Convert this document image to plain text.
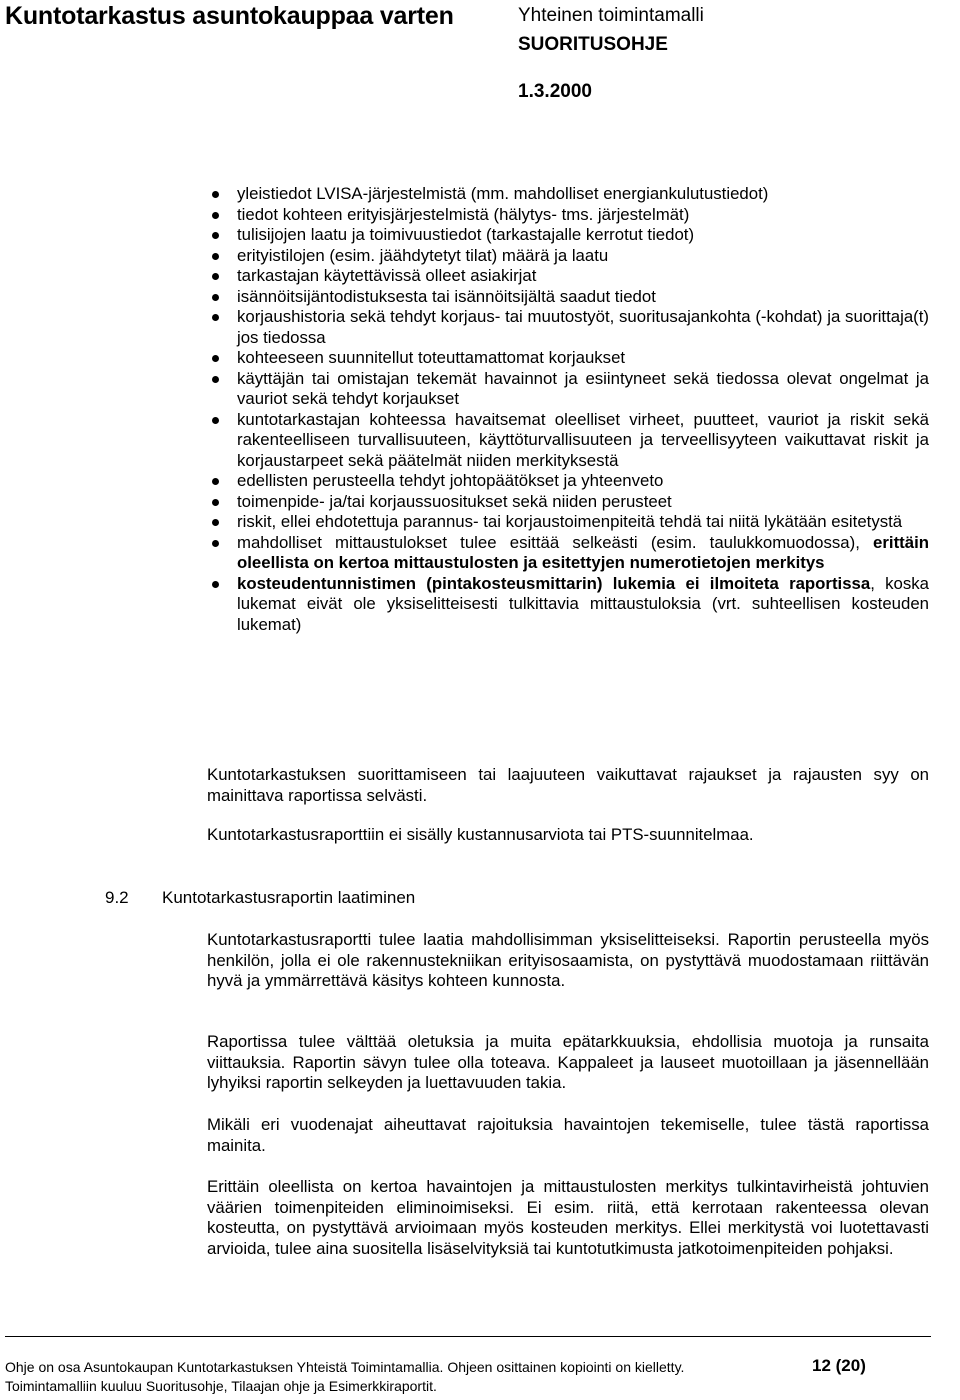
Kuntotarkastus asuntokauppaa varten	Yhteinen toimintamalli
SUORITUSOHJE
1.3.2000
yleistiedot LVISA-järjestelmistä (mm. mahdolliset energiankulutustiedot)
tiedot kohteen erityisjärjestelmistä (hälytys- tms. järjestelmät)
tulisijojen laatu ja toimivuustiedot (tarkastajalle kerrotut tiedot)
erityistilojen (esim. jäähdytetyt tilat) määrä ja laatu
tarkastajan käytettävissä olleet asiakirjat
isännöitsijäntodistuksesta tai isännöitsijältä saadut tiedot
korjaushistoria sekä tehdyt korjaus- tai muutostyöt, suoritusajankohta (-kohdat) ja suorittaja(t) jos tiedossa
kohteeseen suunnitellut toteuttamattomat korjaukset
käyttäjän tai omistajan tekemät havainnot ja esiintyneet sekä tiedossa olevat ongelmat ja vauriot sekä tehdyt korjaukset
kuntotarkastajan kohteessa havaitsemat oleelliset virheet, puutteet, vauriot ja riskit sekä rakenteelliseen turvallisuuteen, käyttöturvallisuuteen ja terveellisyyteen vaikuttavat riskit ja korjaustarpeet sekä päätelmät niiden merkityksestä
edellisten perusteella tehdyt johtopäätökset ja yhteenveto
toimenpide- ja/tai korjaussuositukset sekä niiden perusteet
riskit, ellei ehdotettuja parannus- tai korjaustoimenpiteitä tehdä tai niitä lykätään esitetystä
mahdolliset mittaustulokset tulee esittää selkeästi (esim. taulukkomuodossa), erittäin oleellista on kertoa mittaustulosten ja esitettyjen numerotietojen merkitys
kosteudentunnistimen (pintakosteusmittarin) lukemia ei ilmoiteta raportissa, koska lukemat eivät ole yksiselitteisesti tulkittavia mittaustuloksia (vrt. suhteellisen kosteuden lukemat)

Kuntotarkastuksen suorittamiseen tai laajuuteen vaikuttavat rajaukset ja rajausten syy on mainittava raportissa selvästi.

Kuntotarkastusraporttiin ei sisälly kustannusarviota tai PTS-suunnitelmaa.

9.2 Kuntotarkastusraportin laatiminen

Kuntotarkastusraportti tulee laatia mahdollisimman yksiselitteiseksi. Raportin perusteella myös henkilön, jolla ei ole rakennustekniikan erityisosaamista, on pystyttävä muodostamaan riittävän hyvä ja ymmärrettävä käsitys kohteen kunnosta.

Raportissa tulee välttää oletuksia ja muita epätarkkuuksia, ehdollisia muotoja ja runsaita viittauksia. Raportin sävyn tulee olla toteava. Kappaleet ja lauseet muotoillaan ja jäsennellään lyhyiksi raportin selkeyden ja luettavuuden takia.

Mikäli eri vuodenajat aiheuttavat rajoituksia havaintojen tekemiselle, tulee tästä raportissa mainita.

Erittäin oleellista on kertoa havaintojen ja mittaustulosten merkitys tulkintavirheistä johtuvien väärien toimenpiteiden eliminoimiseksi. Ei esim. riitä, että kerrotaan rakenteessa olevan kosteutta, on pystyttävä arvioimaan myös kosteuden merkitys. Ellei merkitystä voi luotettavasti arvioida, tulee aina suositella lisäselvityksiä tai kuntotutkimusta jatkotoimenpiteiden pohjaksi.

Ohje on osa Asuntokaupan Kuntotarkastuksen Yhteistä Toimintamallia. Ohjeen osittainen kopiointi on kielletty.
Toimintamalliin kuuluu Suoritusohje, Tilaajan ohje ja Esimerkkiraportit.
12 (20)
